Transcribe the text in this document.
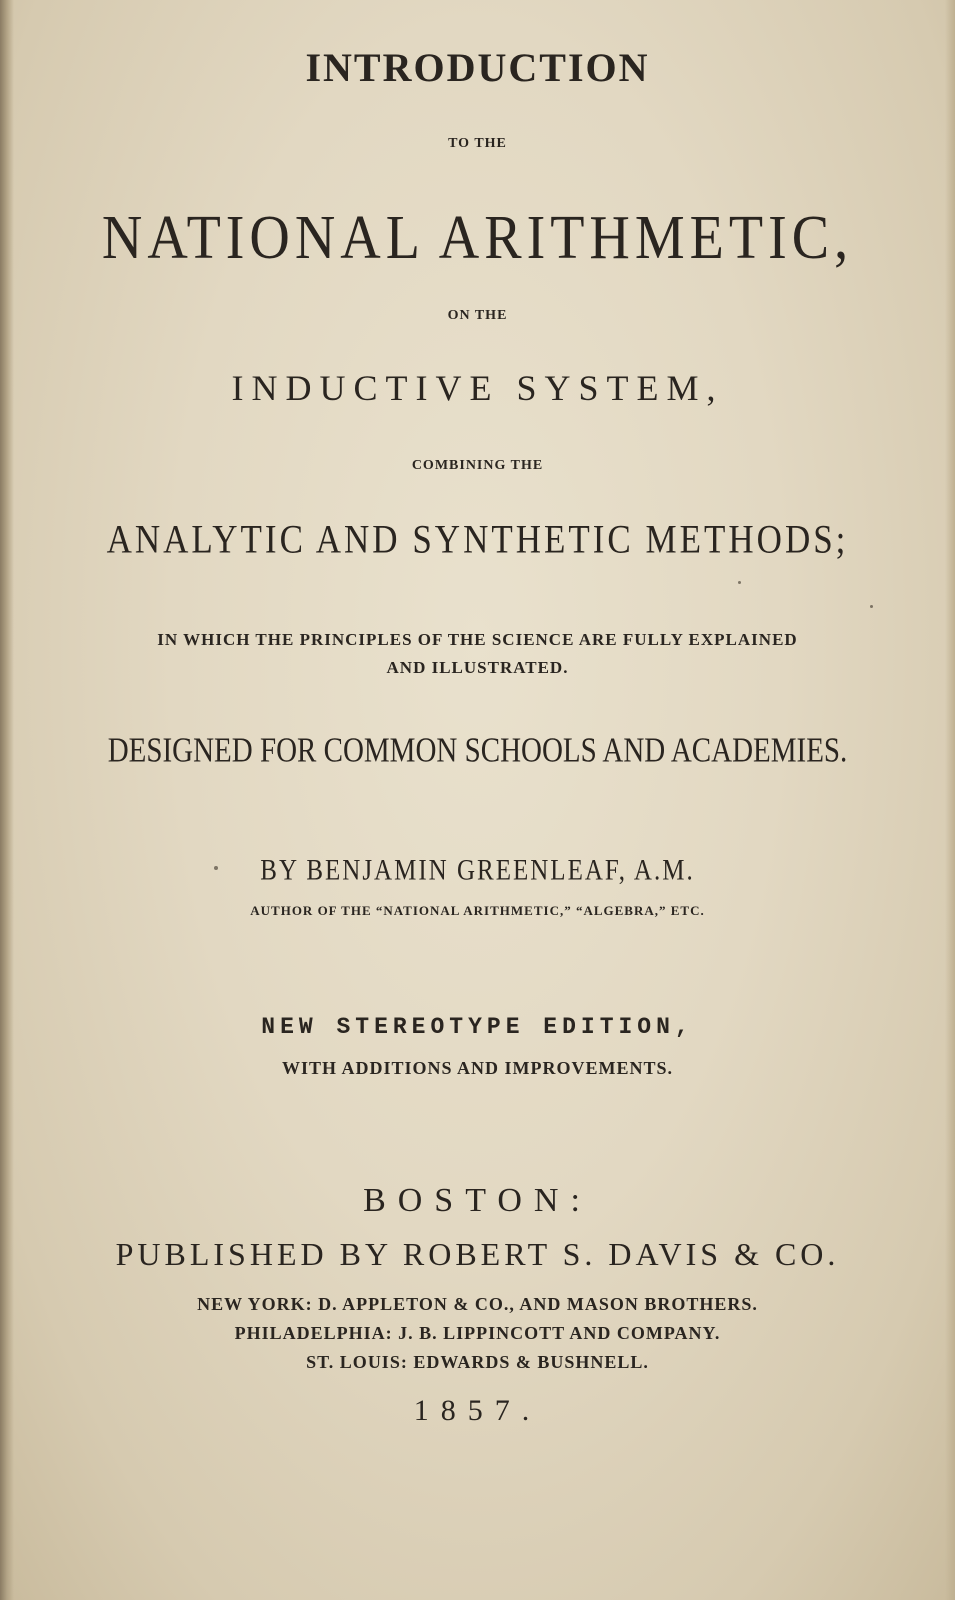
INTRODUCTION

TO THE

NATIONAL ARITHMETIC,

ON THE

INDUCTIVE SYSTEM,

COMBINING THE

ANALYTIC AND SYNTHETIC METHODS;

IN WHICH THE PRINCIPLES OF THE SCIENCE ARE FULLY EXPLAINED

AND ILLUSTRATED.

DESIGNED FOR COMMON SCHOOLS AND ACADEMIES.

BY BENJAMIN GREENLEAF, A.M.

AUTHOR OF THE “NATIONAL ARITHMETIC,” “ALGEBRA,” ETC.

NEW STEREOTYPE EDITION,

WITH ADDITIONS AND IMPROVEMENTS.

BOSTON:

PUBLISHED BY ROBERT S. DAVIS & CO.

NEW YORK: D. APPLETON & CO., AND MASON BROTHERS.

PHILADELPHIA: J. B. LIPPINCOTT AND COMPANY.

ST. LOUIS: EDWARDS & BUSHNELL.

1857.
